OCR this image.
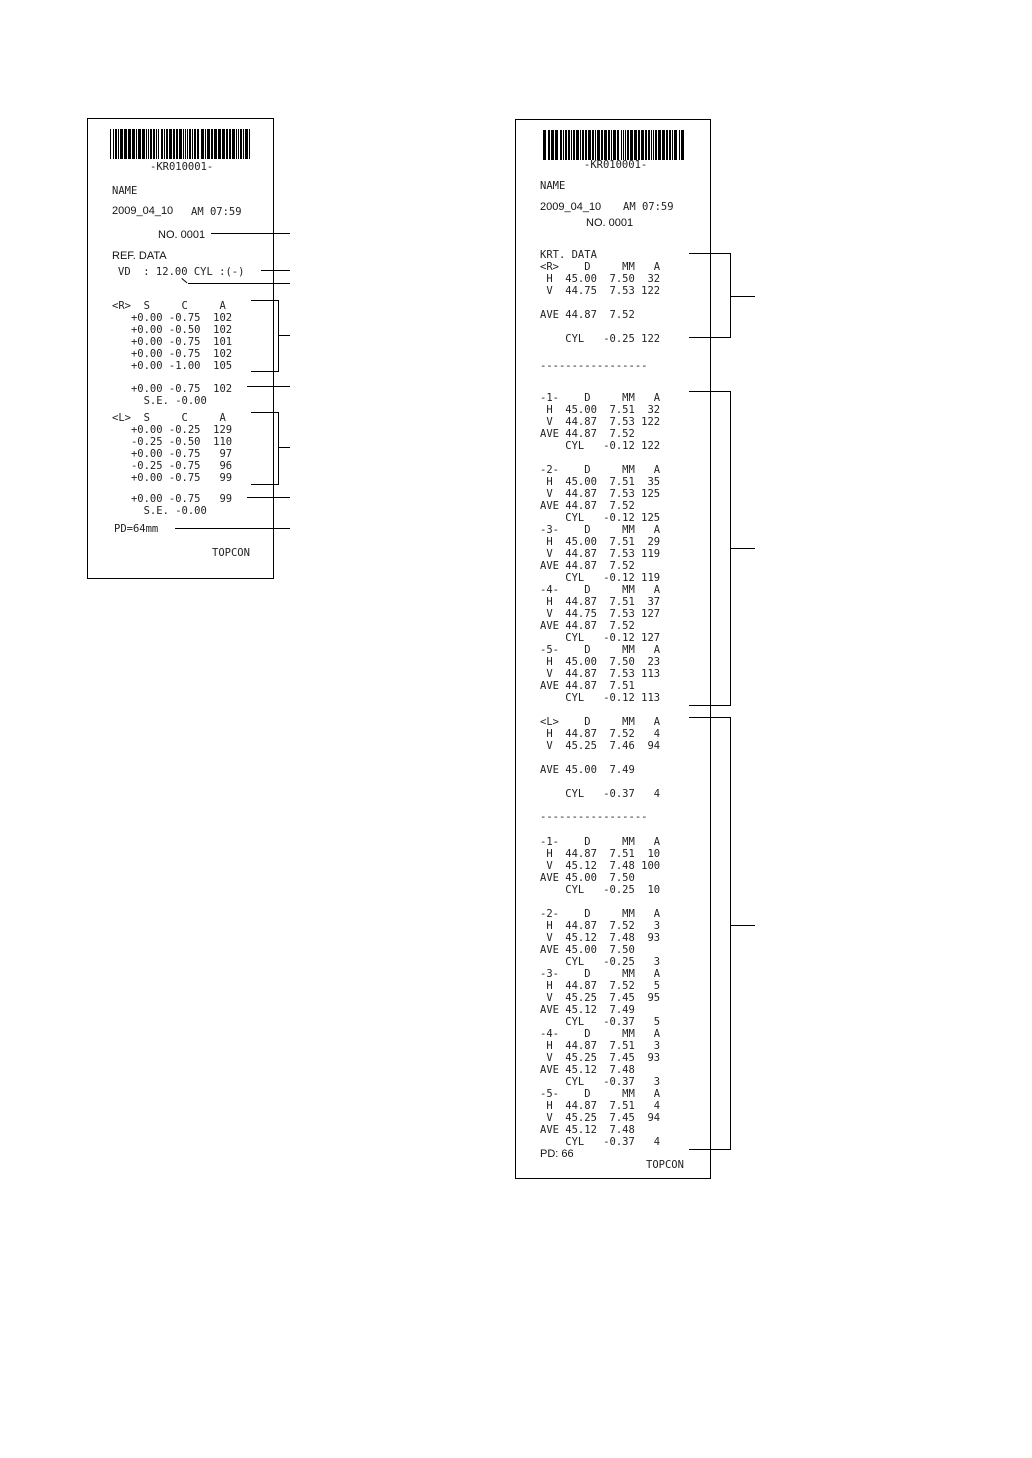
-KR010001-
NAME
2009_04_10 AM 07:59
NO. 0001
REF. DATA
VD  : 12.00 CYL :(-)
<R>  S     C     A
+0.00 -0.75  102
+0.00 -0.50  102
+0.00 -0.75  101
+0.00 -0.75  102
+0.00 -1.00  105
+0.00 -0.75  102
S.E. -0.00
<L>  S     C     A
+0.00 -0.25  129
-0.25 -0.50  110
+0.00 -0.75   97
-0.25 -0.75   96
+0.00 -0.75   99
+0.00 -0.75   99
S.E. -0.00
PD=64mm
TOPCON
-KR010001-
NAME
2009_04_10 AM 07:59
NO. 0001
KRT. DATA
<R>    D     MM   A
H  45.00  7.50  32
V  44.75  7.53 122

AVE 44.87  7.52

CYL   -0.25 122
-----------------
-1-    D     MM   A
H  45.00  7.51  32
V  44.87  7.53 122
AVE 44.87  7.52
CYL   -0.12 122

-2-    D     MM   A
H  45.00  7.51  35
V  44.87  7.53 125
AVE 44.87  7.52
CYL   -0.12 125
-3-    D     MM   A
H  45.00  7.51  29
V  44.87  7.53 119
AVE 44.87  7.52
CYL   -0.12 119
-4-    D     MM   A
H  44.87  7.51  37
V  44.75  7.53 127
AVE 44.87  7.52
CYL   -0.12 127
-5-    D     MM   A
H  45.00  7.50  23
V  44.87  7.53 113
AVE 44.87  7.51
CYL   -0.12 113
<L>    D     MM   A
H  44.87  7.52   4
V  45.25  7.46  94

AVE 45.00  7.49

CYL   -0.37   4
-----------------
-1-    D     MM   A
H  44.87  7.51  10
V  45.12  7.48 100
AVE 45.00  7.50
CYL   -0.25  10

-2-    D     MM   A
H  44.87  7.52   3
V  45.12  7.48  93
AVE 45.00  7.50
CYL   -0.25   3
-3-    D     MM   A
H  44.87  7.52   5
V  45.25  7.45  95
AVE 45.12  7.49
CYL   -0.37   5
-4-    D     MM   A
H  44.87  7.51   3
V  45.25  7.45  93
AVE 45.12  7.48
CYL   -0.37   3
-5-    D     MM   A
H  44.87  7.51   4
V  45.25  7.45  94
AVE 45.12  7.48
CYL   -0.37   4
PD: 66
TOPCON
